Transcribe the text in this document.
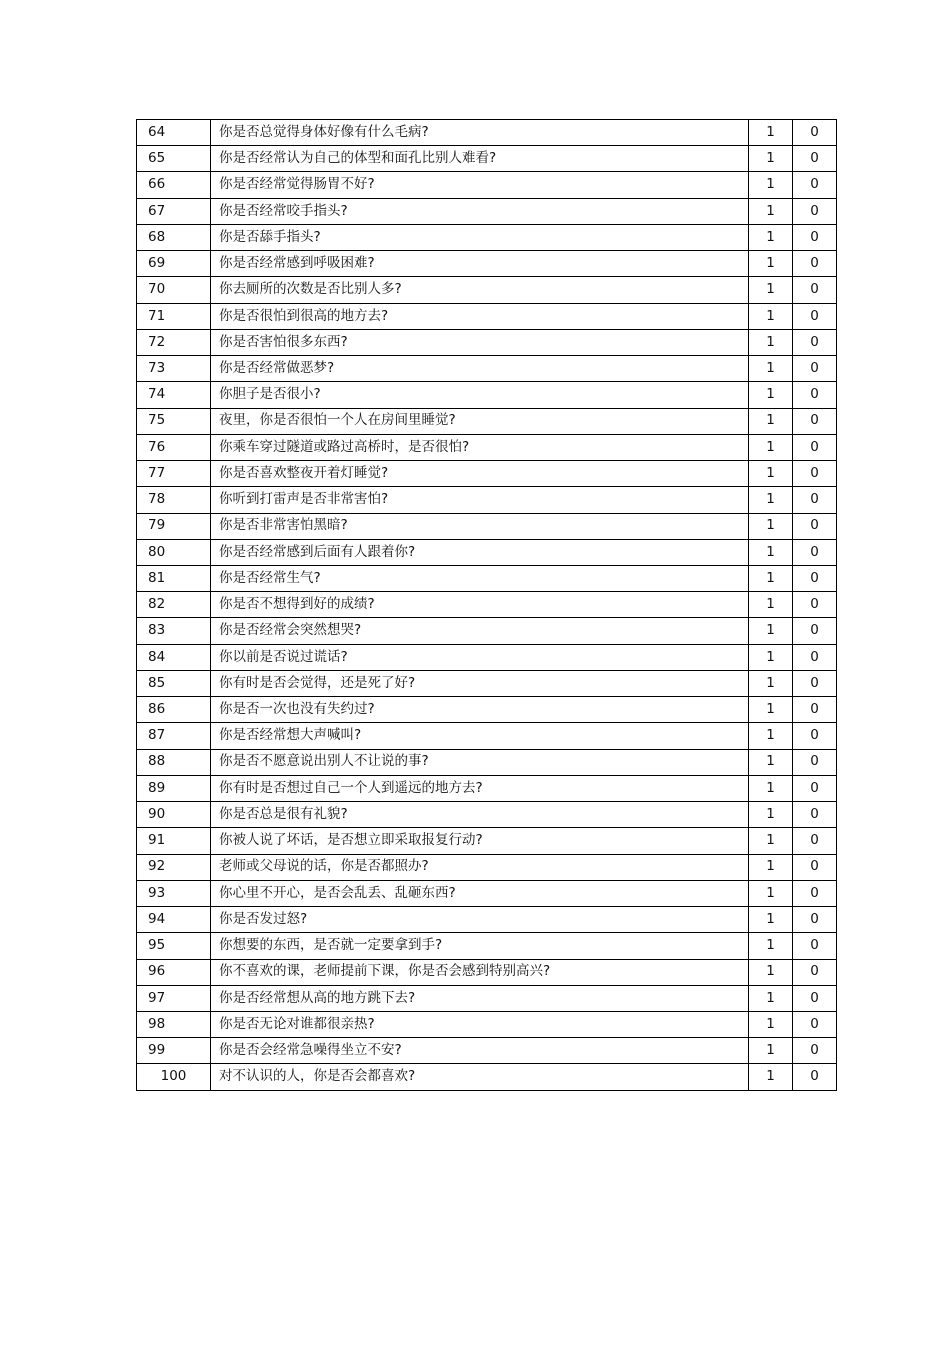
64	你是否总觉得身体好像有什么毛病?	1	0
65	你是否经常认为自己的体型和面孔比别人难看?	1	0
66	你是否经常觉得肠胃不好?	1	0
67	你是否经常咬手指头?	1	0
68	你是否舔手指头?	1	0
69	你是否经常感到呼吸困难?	1	0
70	你去厕所的次数是否比别人多?	1	0
71	你是否很怕到很高的地方去?	1	0
72	你是否害怕很多东西?	1	0
73	你是否经常做恶梦?	1	0
74	你胆子是否很小?	1	0
75	夜里，你是否很怕一个人在房间里睡觉?	1	0
76	你乘车穿过隧道或路过高桥时，是否很怕?	1	0
77	你是否喜欢整夜开着灯睡觉?	1	0
78	你听到打雷声是否非常害怕?	1	0
79	你是否非常害怕黑暗?	1	0
80	你是否经常感到后面有人跟着你?	1	0
81	你是否经常生气?	1	0
82	你是否不想得到好的成绩?	1	0
83	你是否经常会突然想哭?	1	0
84	你以前是否说过谎话?	1	0
85	你有时是否会觉得，还是死了好?	1	0
86	你是否一次也没有失约过?	1	0
87	你是否经常想大声喊叫?	1	0
88	你是否不愿意说出别人不让说的事?	1	0
89	你有时是否想过自己一个人到遥远的地方去?	1	0
90	你是否总是很有礼貌?	1	0
91	你被人说了坏话，是否想立即采取报复行动?	1	0
92	老师或父母说的话，你是否都照办?	1	0
93	你心里不开心，是否会乱丢、乱砸东西?	1	0
94	你是否发过怒?	1	0
95	你想要的东西，是否就一定要拿到手?	1	0
96	你不喜欢的课，老师提前下课，你是否会感到特别高兴?	1	0
97	你是否经常想从高的地方跳下去?	1	0
98	你是否无论对谁都很亲热?	1	0
99	你是否会经常急噪得坐立不安?	1	0
100	对不认识的人，你是否会都喜欢?	1	0
